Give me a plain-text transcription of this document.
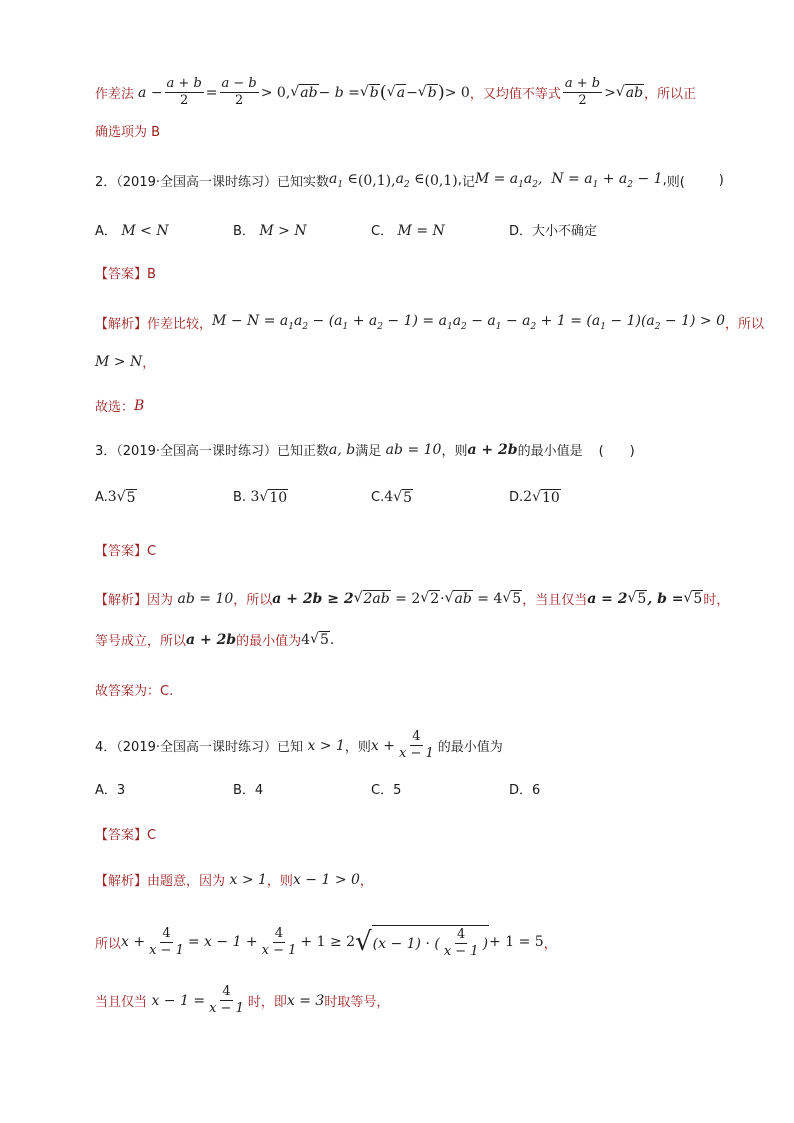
作差法 $a - \frac{a + b}{2} = \frac{a - b}{2} > 0$, √ ab − b = √ b ( √ a − √ b ) > 0 ， 又均值不等式 $\frac{a + b}{2}$ > √ ab ，所以正
确选项为 B
2．（2019·全国高一课时练习）已知实数 $a_1$ ∈ (0,1), $a_2$ ∈ (0,1) , 记 $M = a_1a_2$,  $N = a_1 + a_2 - 1$ , 则(	)
A． M < N	B． M > N	C． M = N	D．大小不确定
【答案】B
【解析】 作差比较， $M - N = a_1a_2 - (a_1 + a_2 - 1) = a_1a_2 - a_1 - a_2 + 1 = (a_1 - 1)(a_2 - 1) > 0$ ，所以
M > N ，
故选： B
3．（2019·全国高一课时练习）已知正数 a, b 满足 ab = 10 ，则 a + 2b 的最小值是 (　　)
A.3 √ 5	B. 3 √ 10	C.4 √ 5	D.2 √ 10
【答案】C
【解析】 因为 ab = 10 ，所以 a + 2b ≥ 2 √ 2ab = 2 √ 2 · √ ab = 4 √ 5 ，当且仅当 a = 2 √ 5 , b = √ 5 时，
等号成立，所以 a + 2b 的最小值为 4 √ 5 .
故答案为：C.
4．（2019·全国高一课时练习）已知 x > 1 ，则 $x + \frac{4}{x - 1}$ 的最小值为
A．3	B．4	C．5	D．6
【答案】C
【解析】 由题意，因为 x > 1 ，则 x − 1 > 0 ，
所以 $x + \frac{4}{x - 1} = x - 1 + \frac{4}{x - 1} + 1 \ge 2$ √ (x − 1) · ( $\frac{4}{x - 1}$ ) + 1 = 5 ，
当且仅当 $x - 1 = \frac{4}{x - 1}$ 时，即 x = 3 时取等号，
